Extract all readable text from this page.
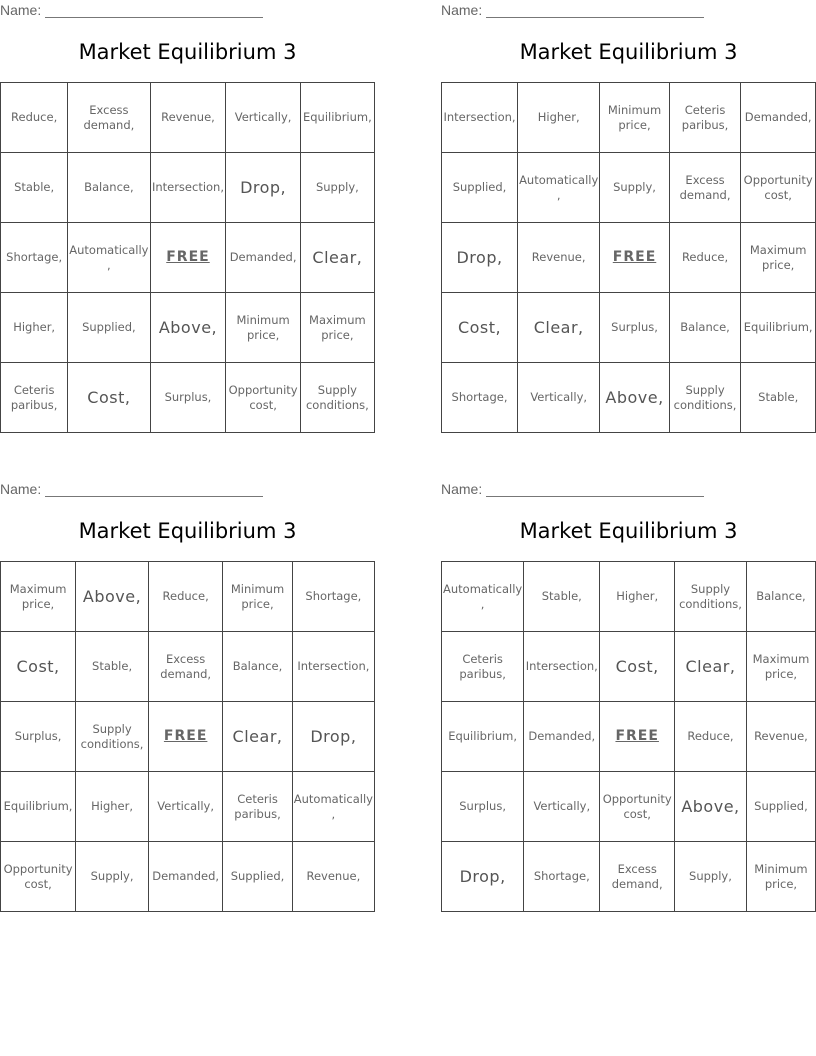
Name:
Market Equilibrium 3
Reduce,	Excess demand,	Revenue,	Vertically,	Equilibrium,
Stable,	Balance,	Intersection,	Drop,	Supply,
Shortage,	Automatically ,	FREE	Demanded,	Clear,
Higher,	Supplied,	Above,	Minimum price,	Maximum price,
Ceteris paribus,	Cost,	Surplus,	Opportunity cost,	Supply conditions,
Name:
Market Equilibrium 3
Intersection,	Higher,	Minimum price,	Ceteris paribus,	Demanded,
Supplied,	Automatically ,	Supply,	Excess demand,	Opportunity cost,
Drop,	Revenue,	FREE	Reduce,	Maximum price,
Cost,	Clear,	Surplus,	Balance,	Equilibrium,
Shortage,	Vertically,	Above,	Supply conditions,	Stable,
Name:
Market Equilibrium 3
Maximum price,	Above,	Reduce,	Minimum price,	Shortage,
Cost,	Stable,	Excess demand,	Balance,	Intersection,
Surplus,	Supply conditions,	FREE	Clear,	Drop,
Equilibrium,	Higher,	Vertically,	Ceteris paribus,	Automatically ,
Opportunity cost,	Supply,	Demanded,	Supplied,	Revenue,
Name:
Market Equilibrium 3
Automatically ,	Stable,	Higher,	Supply conditions,	Balance,
Ceteris paribus,	Intersection,	Cost,	Clear,	Maximum price,
Equilibrium,	Demanded,	FREE	Reduce,	Revenue,
Surplus,	Vertically,	Opportunity cost,	Above,	Supplied,
Drop,	Shortage,	Excess demand,	Supply,	Minimum price,
